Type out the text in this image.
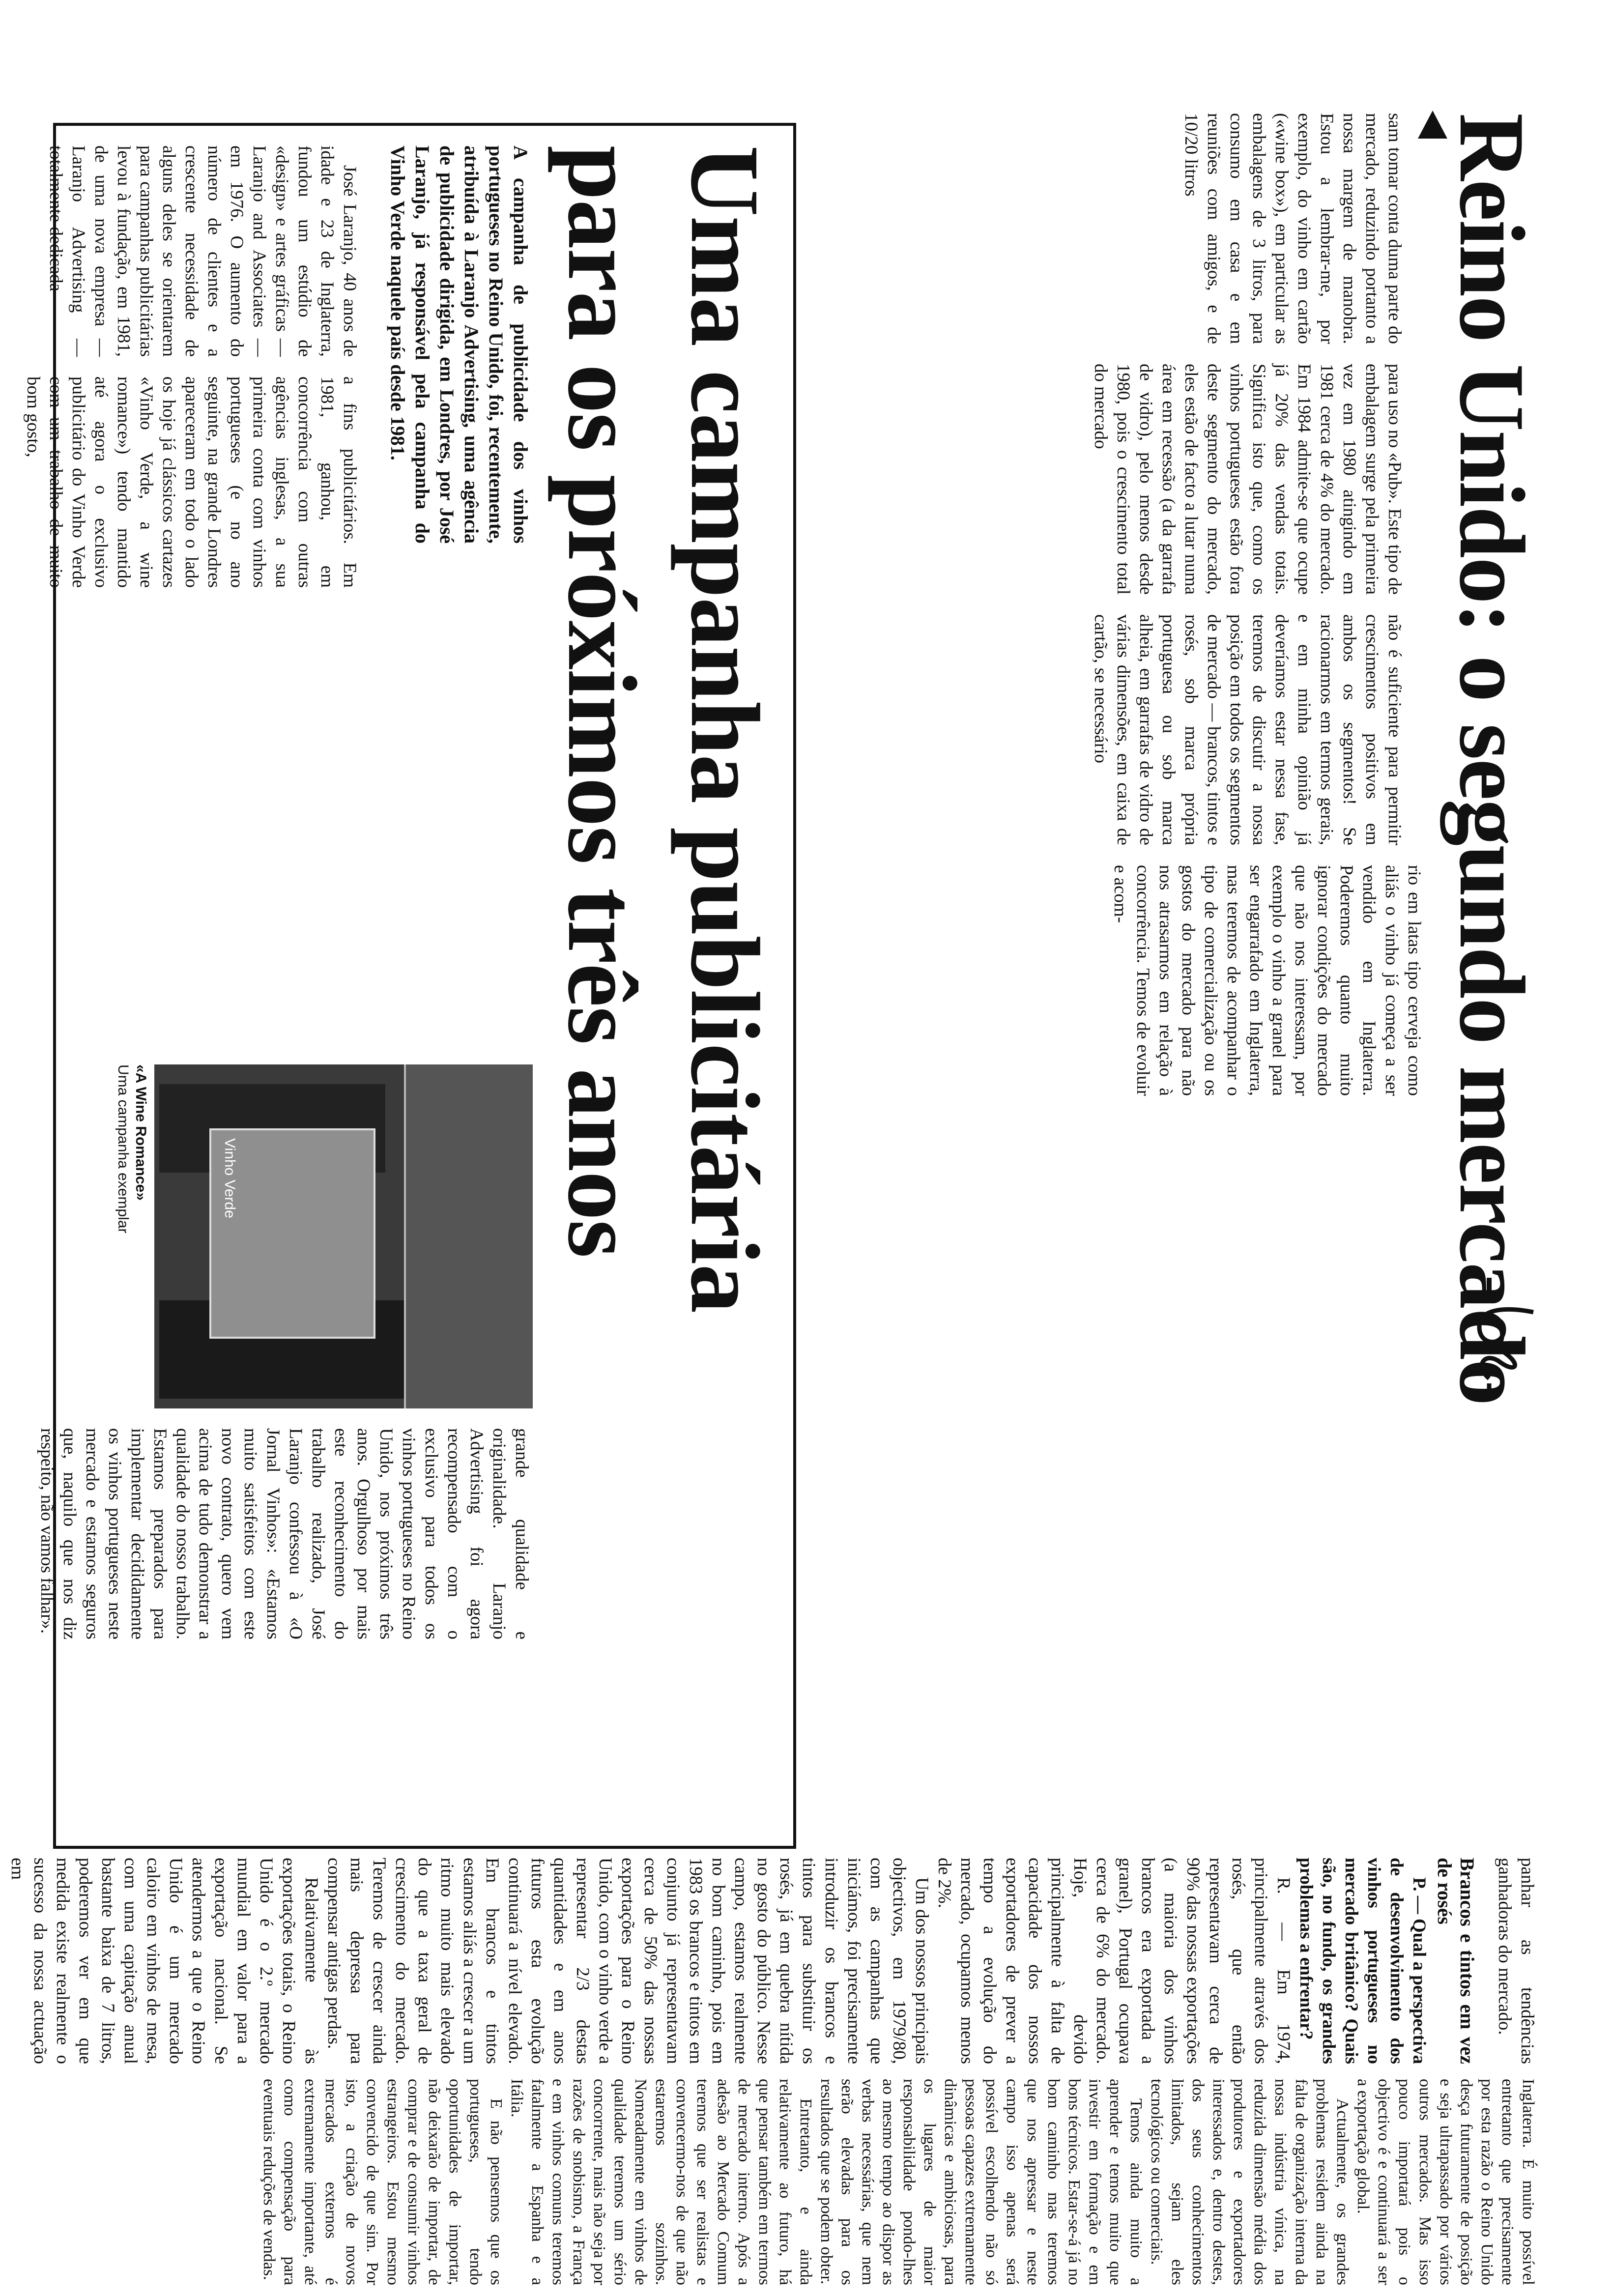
Reino Unido: o segundo mercado

sam tomar conta duma parte do mercado, reduzindo portanto a nossa margem de manobra. Estou a lembrar-me, por exemplo, do vinho em cartão («wine box»), em particular as embalagens de 3 litros, para consumo em casa e em reuniões com amigos, e de 10/20 litros

para uso no «Pub». Este tipo de embalagem surge pela primeira vez em 1980 atingindo em 1981 cerca de 4% do mercado. Em 1984 admite-se que ocupe já 20% das vendas totais. Significa isto que, como os vinhos portugueses estão fora deste segmento do mercado, eles estão de facto a lutar numa área em recessão (a da garrafa de vidro), pelo menos desde 1980, pois o crescimento total do mercado

não é suficiente para permitir crescimentos positivos em ambos os segmentos! Se racionarmos em termos gerais, e em minha opinião já deveríamos estar nessa fase, teremos de discutir a nossa posição em todos os segmentos de mercado — brancos, tintos e rosés, sob marca própria portuguesa ou sob marca alheia, em garrafas de vidro de várias dimensões, em caixa de cartão, se necessário

rio em latas tipo cerveja como aliás o vinho já começa a ser vendido em Inglaterra. Poderemos quanto muito ignorar condições do mercado que não nos interessam, por exemplo o vinho a granel para ser engarrafado em Inglaterra, mas teremos de acompanhar o tipo de comercialização ou os gostos do mercado para não nos atrasarmos em relação à concorrência. Temos de evoluir e acom-

panhar as tendências ganhadoras do mercado.

Brancos e tintos em vez de rosés

P. — Qual a perspectiva de desenvolvimento dos vinhos portugueses no mercado britânico? Quais são, no fundo, os grandes problemas a enfrentar?

R. — Em 1974, principalmente através dos rosés, que então representavam cerca de 90% das nossas exportações (a maioria dos vinhos brancos era exportada a granel), Portugal ocupava cerca de 6% do mercado. Hoje, devido principalmente à falta de capacidade dos nossos exportadores de prever a tempo a evolução do mercado, ocupamos menos de 2%.

Um dos nossos principais objectivos, em 1979/80, com as campanhas que iniciámos, foi precisamente introduzir os brancos e tintos para substituir os rosés, já em quebra nítida no gosto do público. Nesse campo, estamos realmente no bom caminho, pois em 1983 os brancos e tintos em conjunto já representavam cerca de 50% das nossas exportações para o Reino Unido, com o vinho verde a representar 2/3 destas quantidades e em anos futuros esta evolução continuará a nível elevado. Em brancos e tintos estamos aliás a crescer a um ritmo muito mais elevado do que a taxa geral de crescimento do mercado. Teremos de crescer ainda mais depressa para compensar antigas perdas.

Relativamente às exportações totais, o Reino Unido é o 2.º mercado mundial em valor para a exportação nacional. Se atendermos a que o Reino Unido é um mercado caloiro em vinhos de mesa, com uma capitação anual bastante baixa de 7 litros, poderemos ver em que medida existe realmente o sucesso da nossa actuação em

Inglaterra. É muito possível entretanto que precisamente por esta razão o Reino Unido desça futuramente de posição e seja ultrapassado por vários outros mercados. Mas isso pouco importará pois o objectivo é e continuará a ser a exportação global.

Actualmente, os grandes problemas residem ainda na falta de organização interna da nossa indústria vínica, na reduzida dimensão média dos produtores e exportadores interessados e, dentro destes, dos seus conhecimentos limitados, sejam eles tecnológicos ou comerciais.

Temos ainda muito a aprender e temos muito que investir em formação e em bons técnicos. Estar-se-á já no bom caminho mas teremos que nos apressar e neste campo isso apenas será possível escolhendo não só pessoas capazes extremamente dinâmicas e ambiciosas, para os lugares de maior responsabilidade pondo-lhes ao mesmo tempo ao dispor as verbas necessárias, que nem serão elevadas para os resultados que se podem obter.

Entretanto, e ainda relativamente ao futuro, há que pensar também em termos de mercado interno. Após a adesão ao Mercado Comum teremos que ser realistas e convencermo-nos de que não estaremos sozinhos. Nomeadamente em vinhos de qualidade teremos um sério concorrente, mais não seja por razões de snobismo, a França e em vinhos comuns teremos fatalmente a Espanha e a Itália.

E não pensemos que os portugueses, tendo oportunidades de importar, não deixarão de importar, de comprar e de consumir vinhos estrangeiros. Estou mesmo convencido de que sim. Por isto, a criação de novos mercados externos é extremamente importante, até como compensação para eventuais reduções de vendas.

Uma campanha publicitária
para os próximos três anos
A campanha de publicidade dos vinhos portugueses no Reino Unido, foi, recentemente, atribuída à Laranjo Advertising, uma agência de publicidade dirigida, em Londres, por José Laranjo, já responsável pela campanha do Vinho Verde naquele país desde 1981.

José Laranjo, 40 anos de idade e 23 de Inglaterra, fundou um estúdio de «design» e artes gráficas — Laranjo and Associates — em 1976. O aumento do número de clientes e a crescente necessidade de alguns deles se orientarem para campanhas publicitárias levou à fundação, em 1981, de uma nova empresa — Laranjo Advertising — totalmente dedicada

a fins publicitários. Em 1981, ganhou, em concorrência com outras agências inglesas, a sua primeira conta com vinhos portugueses (e no ano seguinte, na grande Londres apareceram em todo o lado os hoje já clássicos cartazes «Vinho Verde, a wine romance») tendo mantido até agora o exclusivo publicitário do Vinho Verde com um trabalho de muito bom gosto,

grande qualidade e originalidade. Laranjo Advertising foi agora recompensado com o exclusivo para todos os vinhos portugueses no Reino Unido, nos próximos três anos. Orgulhoso por mais este reconhecimento do trabalho realizado, José Laranjo confessou à «O Jornal Vinhos»: «Estamos muito satisfeitos com este novo contrato, quero vem acima de tudo demonstrar a qualidade do nosso trabalho. Estamos preparados para implementar decididamente os vinhos portugueses neste mercado e estamos seguros que, naquilo que nos diz respeito, não vamos falhar».

Vinho Verde
«A Wine Romance»
Uma campanha exemplar
